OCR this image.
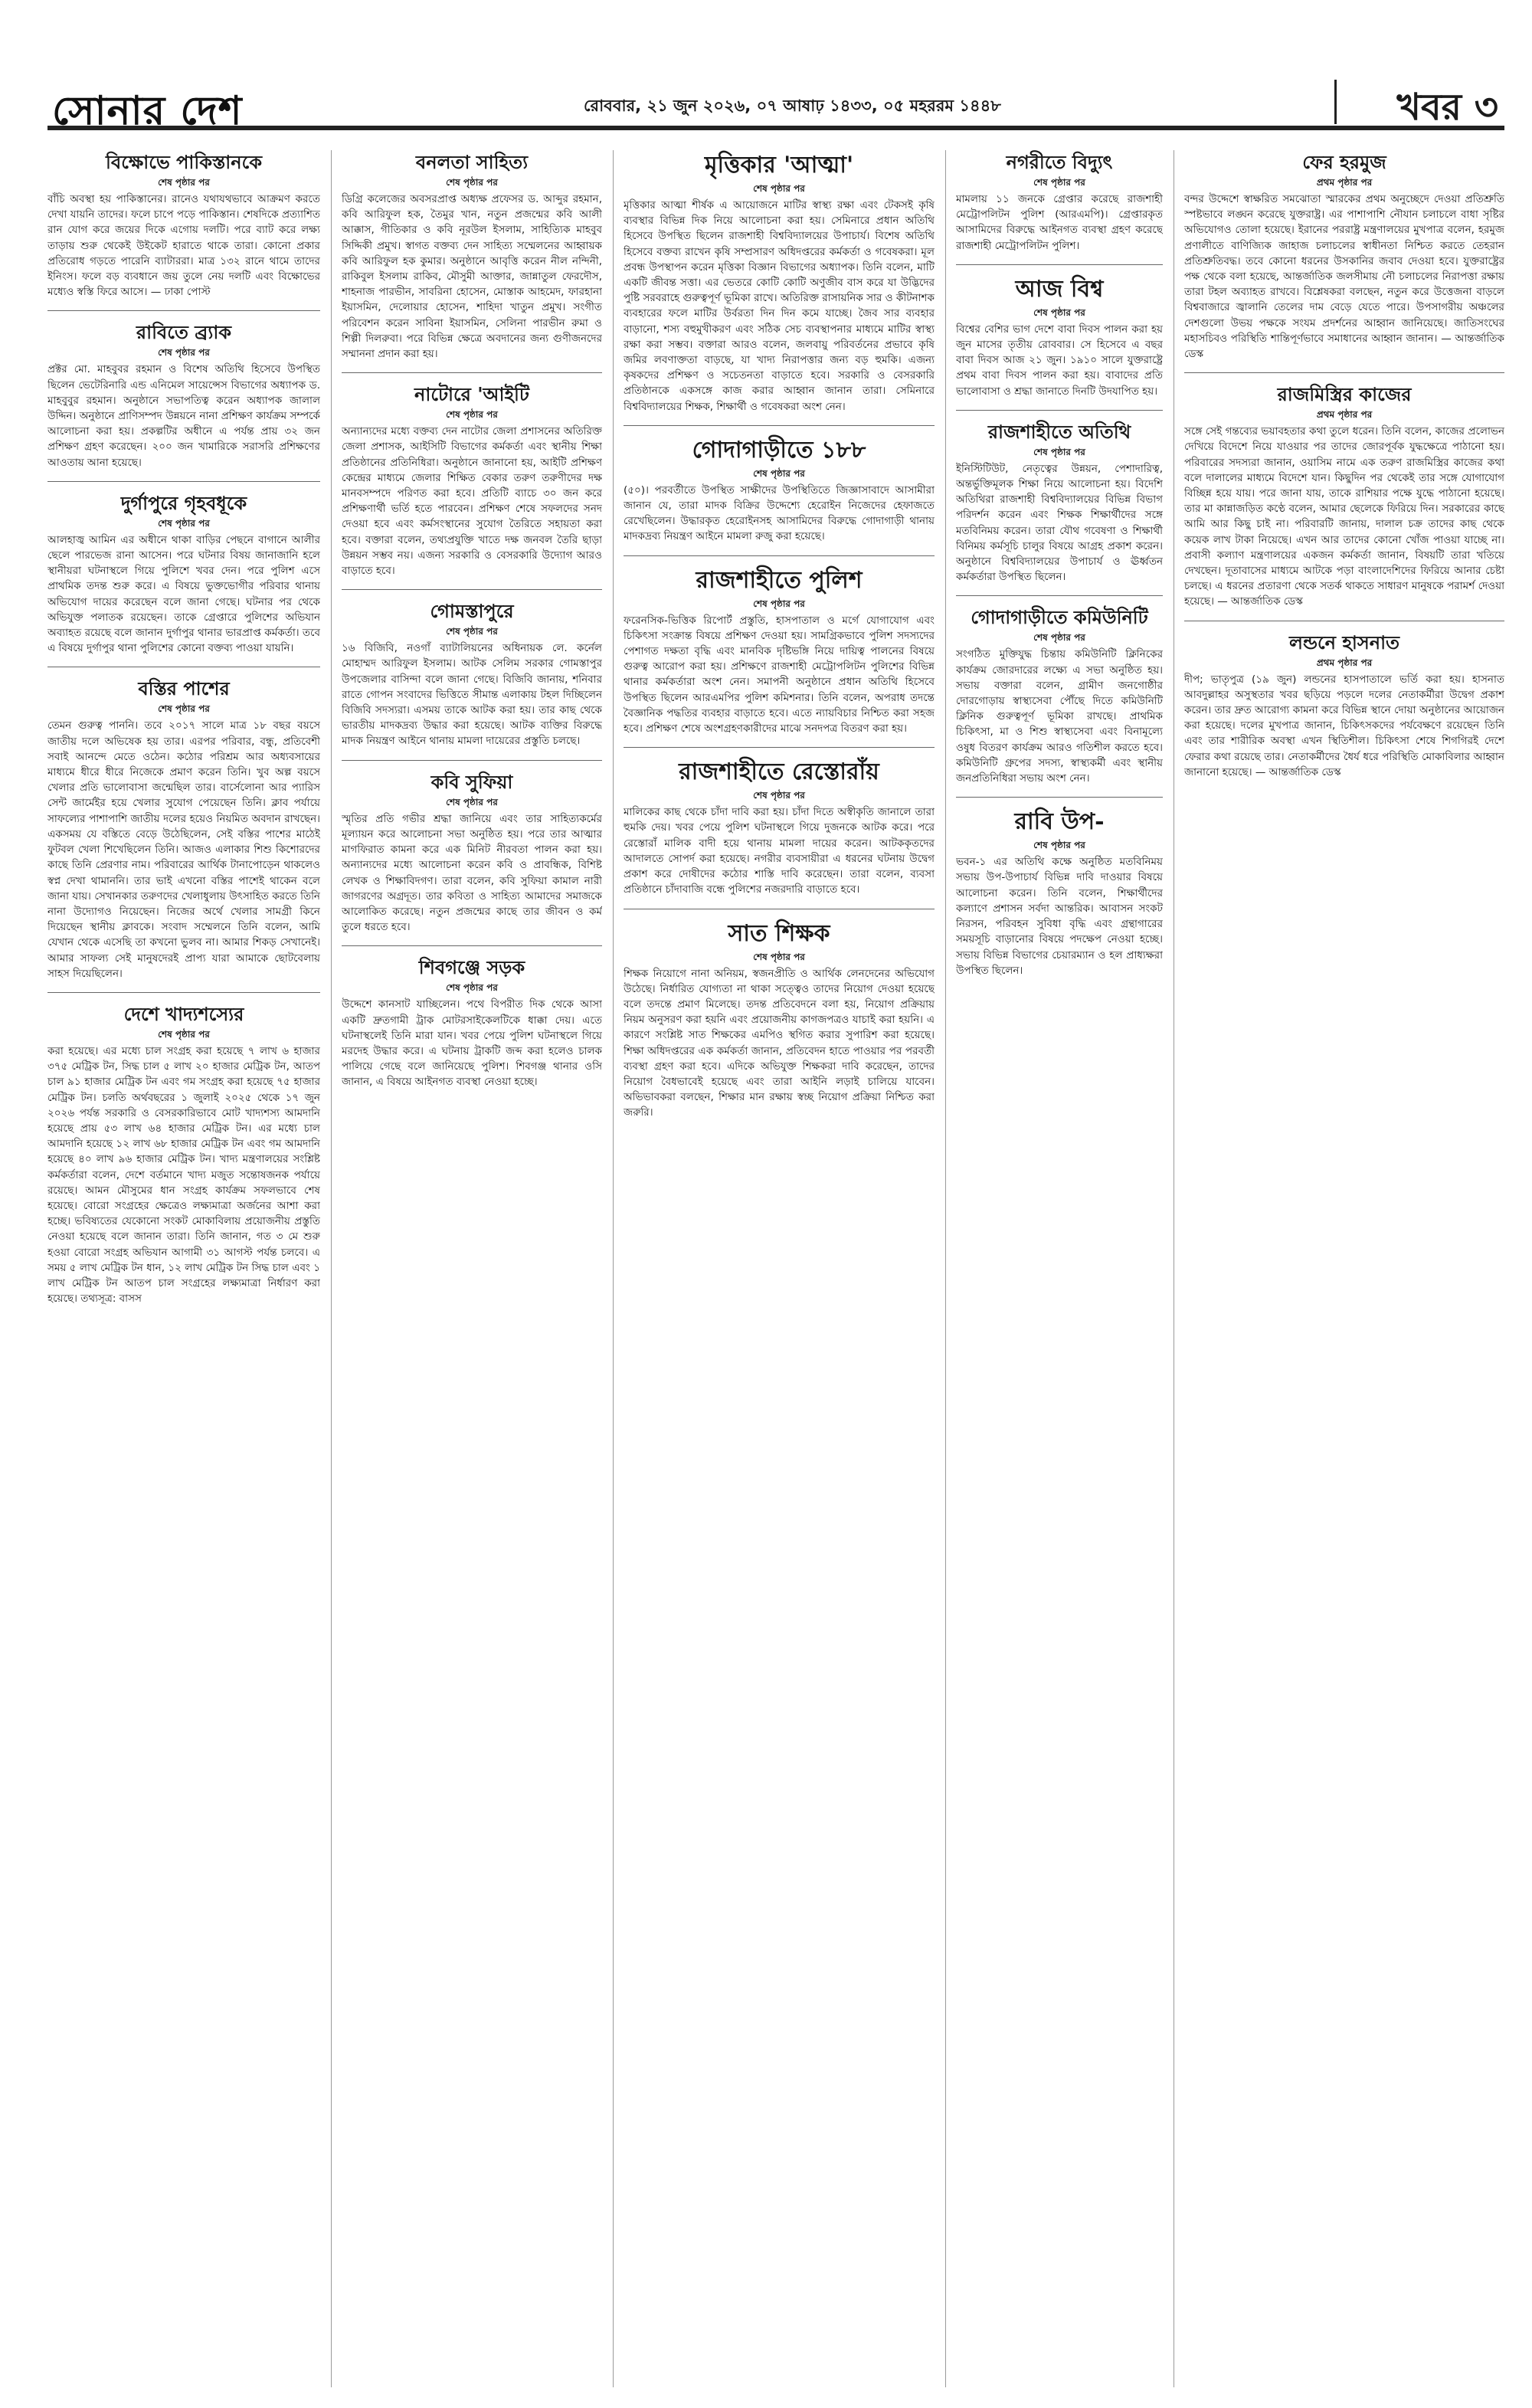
সোনার দেশ	রোববার, ২১ জুন ২০২৬, ০৭ আষাঢ় ১৪৩৩, ০৫ মহররম ১৪৪৮	খবর ৩
বিক্ষোভে পাকিস্তানকে
শেষ পৃষ্ঠার পর
বাঁচি অবস্থা হয় পাকিস্তানের। রানেও যথাযথভাবে আক্রমণ করতে দেখা যায়নি তাদের। ফলে চাপে পড়ে পাকিস্তান। শেষদিকে প্রত্যাশিত রান যোগ করে জয়ের দিকে এগোয় দলটি। পরে ব্যাট করে লক্ষ্য তাড়ায় শুরু থেকেই উইকেট হারাতে থাকে তারা। কোনো প্রকার প্রতিরোধ গড়তে পারেনি ব্যাটাররা। মাত্র ১৩২ রানে থামে তাদের ইনিংস। ফলে বড় ব্যবধানে জয় তুলে নেয় দলটি এবং বিক্ষোভের মধ্যেও স্বস্তি ফিরে আসে। — ঢাকা পোস্ট
রাবিতে ব্র্যাক
শেষ পৃষ্ঠার পর
প্রক্টর মো. মাহবুবর রহমান ও বিশেষ অতিথি হিসেবে উপস্থিত ছিলেন ভেটেরিনারি এন্ড এনিমেল সায়েন্সেস বিভাগের অধ্যাপক ড. মাহবুবুর রহমান। অনুষ্ঠানে সভাপতিত্ব করেন অধ্যাপক জালাল উদ্দিন। অনুষ্ঠানে প্রাণিসম্পদ উন্নয়নে নানা প্রশিক্ষণ কার্যক্রম সম্পর্কে আলোচনা করা হয়। প্রকল্পটির অধীনে এ পর্যন্ত প্রায় ৩২ জন প্রশিক্ষণ গ্রহণ করেছেন। ২০০ জন খামারিকে সরাসরি প্রশিক্ষণের আওতায় আনা হয়েছে।
দুর্গাপুরে গৃহবধূকে
শেষ পৃষ্ঠার পর
আলহাজ্ব আমিন এর অধীনে থাকা বাড়ির পেছনে বাগানে আলীর ছেলে পারভেজ রানা আসেন। পরে ঘটনার বিষয় জানাজানি হলে স্থানীয়রা ঘটনাস্থলে গিয়ে পুলিশে খবর দেন। পরে পুলিশ এসে প্রাথমিক তদন্ত শুরু করে। এ বিষয়ে ভুক্তভোগীর পরিবার থানায় অভিযোগ দায়ের করেছেন বলে জানা গেছে। ঘটনার পর থেকে অভিযুক্ত পলাতক রয়েছেন। তাকে গ্রেপ্তারে পুলিশের অভিযান অব্যাহত রয়েছে বলে জানান দুর্গাপুর থানার ভারপ্রাপ্ত কর্মকর্তা। তবে এ বিষয়ে দুর্গাপুর থানা পুলিশের কোনো বক্তব্য পাওয়া যায়নি।
বস্তির পাশের
শেষ পৃষ্ঠার পর
তেমন গুরুত্ব পাননি। তবে ২০১৭ সালে মাত্র ১৮ বছর বয়সে জাতীয় দলে অভিষেক হয় তার। এরপর পরিবার, বন্ধু, প্রতিবেশী সবাই আনন্দে মেতে ওঠেন। কঠোর পরিশ্রম আর অধ্যবসায়ের মাধ্যমে ধীরে ধীরে নিজেকে প্রমাণ করেন তিনি। খুব অল্প বয়সে খেলার প্রতি ভালোবাসা জন্মেছিল তার। বার্সেলোনা আর প্যারিস সেন্ট জার্মেইর হয়ে খেলার সুযোগ পেয়েছেন তিনি। ক্লাব পর্যায়ে সাফল্যের পাশাপাশি জাতীয় দলের হয়েও নিয়মিত অবদান রাখছেন। একসময় যে বস্তিতে বেড়ে উঠেছিলেন, সেই বস্তির পাশের মাঠেই ফুটবল খেলা শিখেছিলেন তিনি। আজও এলাকার শিশু কিশোরদের কাছে তিনি প্রেরণার নাম। পরিবারের আর্থিক টানাপোড়েন থাকলেও স্বপ্ন দেখা থামাননি। তার ভাই এখনো বস্তির পাশেই থাকেন বলে জানা যায়। সেখানকার তরুণদের খেলাধুলায় উৎসাহিত করতে তিনি নানা উদ্যোগও নিয়েছেন। নিজের অর্থে খেলার সামগ্রী কিনে দিয়েছেন স্থানীয় ক্লাবকে। সংবাদ সম্মেলনে তিনি বলেন, আমি যেখান থেকে এসেছি তা কখনো ভুলব না। আমার শিকড় সেখানেই। আমার সাফল্য সেই মানুষদেরই প্রাপ্য যারা আমাকে ছোটবেলায় সাহস দিয়েছিলেন।
দেশে খাদ্যশস্যের
শেষ পৃষ্ঠার পর
করা হয়েছে। এর মধ্যে চাল সংগ্রহ করা হয়েছে ৭ লাখ ৬ হাজার ৩৭৫ মেট্রিক টন, সিদ্ধ চাল ৫ লাখ ২০ হাজার মেট্রিক টন, আতপ চাল ৯১ হাজার মেট্রিক টন এবং গম সংগ্রহ করা হয়েছে ৭৫ হাজার মেট্রিক টন। চলতি অর্থবছরের ১ জুলাই ২০২৫ থেকে ১৭ জুন ২০২৬ পর্যন্ত সরকারি ও বেসরকারিভাবে মোট খাদ্যশস্য আমদানি হয়েছে প্রায় ৫৩ লাখ ৬৪ হাজার মেট্রিক টন। এর মধ্যে চাল আমদানি হয়েছে ১২ লাখ ৬৮ হাজার মেট্রিক টন এবং গম আমদানি হয়েছে ৪০ লাখ ৯৬ হাজার মেট্রিক টন। খাদ্য মন্ত্রণালয়ের সংশ্লিষ্ট কর্মকর্তারা বলেন, দেশে বর্তমানে খাদ্য মজুত সন্তোষজনক পর্যায়ে রয়েছে। আমন মৌসুমের ধান সংগ্রহ কার্যক্রম সফলভাবে শেষ হয়েছে। বোরো সংগ্রহের ক্ষেত্রেও লক্ষ্যমাত্রা অর্জনের আশা করা হচ্ছে। ভবিষ্যতের যেকোনো সংকট মোকাবিলায় প্রয়োজনীয় প্রস্তুতি নেওয়া হয়েছে বলে জানান তারা। তিনি জানান, গত ৩ মে শুরু হওয়া বোরো সংগ্রহ অভিযান আগামী ৩১ আগস্ট পর্যন্ত চলবে। এ সময় ৫ লাখ মেট্রিক টন ধান, ১২ লাখ মেট্রিক টন সিদ্ধ চাল এবং ১ লাখ মেট্রিক টন আতপ চাল সংগ্রহের লক্ষ্যমাত্রা নির্ধারণ করা হয়েছে। তথ্যসূত্র: বাসস
বনলতা সাহিত্য
শেষ পৃষ্ঠার পর
ডিগ্রি কলেজের অবসরপ্রাপ্ত অধ্যক্ষ প্রফেসর ড. আব্দুর রহমান, কবি আরিফুল হক, তৈমুর খান, নতুন প্রজন্মের কবি আলী আক্কাস, গীতিকার ও কবি নূরউল ইসলাম, সাহিত্যিক মাহবুব সিদ্দিকী প্রমুখ। স্বাগত বক্তব্য দেন সাহিত্য সম্মেলনের আহ্বায়ক কবি আরিফুল হক কুমার। অনুষ্ঠানে আবৃত্তি করেন নীল নন্দিনী, রাকিবুল ইসলাম রাকিব, মৌসুমী আক্তার, জান্নাতুল ফেরদৌস, শাহনাজ পারভীন, সাবরিনা হোসেন, মোস্তাক আহমেদ, ফারহানা ইয়াসমিন, দেলোয়ার হোসেন, শাহিদা খাতুন প্রমুখ। সংগীত পরিবেশন করেন সাবিনা ইয়াসমিন, সেলিনা পারভীন রুমা ও শিল্পী দিলরুবা। পরে বিভিন্ন ক্ষেত্রে অবদানের জন্য গুণীজনদের সম্মাননা প্রদান করা হয়।
নাটোরে 'আইটি
শেষ পৃষ্ঠার পর
অন্যান্যদের মধ্যে বক্তব্য দেন নাটোর জেলা প্রশাসনের অতিরিক্ত জেলা প্রশাসক, আইসিটি বিভাগের কর্মকর্তা এবং স্থানীয় শিক্ষা প্রতিষ্ঠানের প্রতিনিধিরা। অনুষ্ঠানে জানানো হয়, আইটি প্রশিক্ষণ কেন্দ্রের মাধ্যমে জেলার শিক্ষিত বেকার তরুণ তরুণীদের দক্ষ মানবসম্পদে পরিণত করা হবে। প্রতিটি ব্যাচে ৩০ জন করে প্রশিক্ষণার্থী ভর্তি হতে পারবেন। প্রশিক্ষণ শেষে সফলদের সনদ দেওয়া হবে এবং কর্মসংস্থানের সুযোগ তৈরিতে সহায়তা করা হবে। বক্তারা বলেন, তথ্যপ্রযুক্তি খাতে দক্ষ জনবল তৈরি ছাড়া উন্নয়ন সম্ভব নয়। এজন্য সরকারি ও বেসরকারি উদ্যোগ আরও বাড়াতে হবে।
গোমস্তাপুরে
শেষ পৃষ্ঠার পর
১৬ বিজিবি, নওগাঁ ব্যাটালিয়নের অধিনায়ক লে. কর্নেল মোহাম্মদ আরিফুল ইসলাম। আটক সেলিম সরকার গোমস্তাপুর উপজেলার বাসিন্দা বলে জানা গেছে। বিজিবি জানায়, শনিবার রাতে গোপন সংবাদের ভিত্তিতে সীমান্ত এলাকায় টহল দিচ্ছিলেন বিজিবি সদস্যরা। এসময় তাকে আটক করা হয়। তার কাছ থেকে ভারতীয় মাদকদ্রব্য উদ্ধার করা হয়েছে। আটক ব্যক্তির বিরুদ্ধে মাদক নিয়ন্ত্রণ আইনে থানায় মামলা দায়েরের প্রস্তুতি চলছে।
কবি সুফিয়া
শেষ পৃষ্ঠার পর
স্মৃতির প্রতি গভীর শ্রদ্ধা জানিয়ে এবং তার সাহিত্যকর্মের মূল্যায়ন করে আলোচনা সভা অনুষ্ঠিত হয়। পরে তার আত্মার মাগফিরাত কামনা করে এক মিনিট নীরবতা পালন করা হয়। অন্যান্যদের মধ্যে আলোচনা করেন কবি ও প্রাবন্ধিক, বিশিষ্ট লেখক ও শিক্ষাবিদগণ। তারা বলেন, কবি সুফিয়া কামাল নারী জাগরণের অগ্রদূত। তার কবিতা ও সাহিত্য আমাদের সমাজকে আলোকিত করেছে। নতুন প্রজন্মের কাছে তার জীবন ও কর্ম তুলে ধরতে হবে।
শিবগঞ্জে সড়ক
শেষ পৃষ্ঠার পর
উদ্দেশে কানসাট যাচ্ছিলেন। পথে বিপরীত দিক থেকে আসা একটি দ্রুতগামী ট্রাক মোটরসাইকেলটিকে ধাক্কা দেয়। এতে ঘটনাস্থলেই তিনি মারা যান। খবর পেয়ে পুলিশ ঘটনাস্থলে গিয়ে মরদেহ উদ্ধার করে। এ ঘটনায় ট্রাকটি জব্দ করা হলেও চালক পালিয়ে গেছে বলে জানিয়েছে পুলিশ। শিবগঞ্জ থানার ওসি জানান, এ বিষয়ে আইনগত ব্যবস্থা নেওয়া হচ্ছে।
মৃত্তিকার 'আত্মা'
শেষ পৃষ্ঠার পর
মৃত্তিকার আত্মা শীর্ষক এ আয়োজনে মাটির স্বাস্থ্য রক্ষা এবং টেকসই কৃষি ব্যবস্থার বিভিন্ন দিক নিয়ে আলোচনা করা হয়। সেমিনারে প্রধান অতিথি হিসেবে উপস্থিত ছিলেন রাজশাহী বিশ্ববিদ্যালয়ের উপাচার্য। বিশেষ অতিথি হিসেবে বক্তব্য রাখেন কৃষি সম্প্রসারণ অধিদপ্তরের কর্মকর্তা ও গবেষকরা। মূল প্রবন্ধ উপস্থাপন করেন মৃত্তিকা বিজ্ঞান বিভাগের অধ্যাপক। তিনি বলেন, মাটি একটি জীবন্ত সত্তা। এর ভেতরে কোটি কোটি অণুজীব বাস করে যা উদ্ভিদের পুষ্টি সরবরাহে গুরুত্বপূর্ণ ভূমিকা রাখে। অতিরিক্ত রাসায়নিক সার ও কীটনাশক ব্যবহারের ফলে মাটির উর্বরতা দিন দিন কমে যাচ্ছে। জৈব সার ব্যবহার বাড়ানো, শস্য বহুমুখীকরণ এবং সঠিক সেচ ব্যবস্থাপনার মাধ্যমে মাটির স্বাস্থ্য রক্ষা করা সম্ভব। বক্তারা আরও বলেন, জলবায়ু পরিবর্তনের প্রভাবে কৃষি জমির লবণাক্ততা বাড়ছে, যা খাদ্য নিরাপত্তার জন্য বড় হুমকি। এজন্য কৃষকদের প্রশিক্ষণ ও সচেতনতা বাড়াতে হবে। সরকারি ও বেসরকারি প্রতিষ্ঠানকে একসঙ্গে কাজ করার আহ্বান জানান তারা। সেমিনারে বিশ্ববিদ্যালয়ের শিক্ষক, শিক্ষার্থী ও গবেষকরা অংশ নেন।
গোদাগাড়ীতে ১৮৮
শেষ পৃষ্ঠার পর
(৫০)। পরবর্তীতে উপস্থিত সাক্ষীদের উপস্থিতিতে জিজ্ঞাসাবাদে আসামীরা জানান যে, তারা মাদক বিক্রির উদ্দেশ্যে হেরোইন নিজেদের হেফাজতে রেখেছিলেন। উদ্ধারকৃত হেরোইনসহ আসামিদের বিরুদ্ধে গোদাগাড়ী থানায় মাদকদ্রব্য নিয়ন্ত্রণ আইনে মামলা রুজু করা হয়েছে।
রাজশাহীতে পুলিশ
শেষ পৃষ্ঠার পর
ফরেনসিক-ভিত্তিক রিপোর্ট প্রস্তুতি, হাসপাতাল ও মর্গে যোগাযোগ এবং চিকিৎসা সংক্রান্ত বিষয়ে প্রশিক্ষণ দেওয়া হয়। সামগ্রিকভাবে পুলিশ সদস্যদের পেশাগত দক্ষতা বৃদ্ধি এবং মানবিক দৃষ্টিভঙ্গি নিয়ে দায়িত্ব পালনের বিষয়ে গুরুত্ব আরোপ করা হয়। প্রশিক্ষণে রাজশাহী মেট্রোপলিটন পুলিশের বিভিন্ন থানার কর্মকর্তারা অংশ নেন। সমাপনী অনুষ্ঠানে প্রধান অতিথি হিসেবে উপস্থিত ছিলেন আরএমপির পুলিশ কমিশনার। তিনি বলেন, অপরাধ তদন্তে বৈজ্ঞানিক পদ্ধতির ব্যবহার বাড়াতে হবে। এতে ন্যায়বিচার নিশ্চিত করা সহজ হবে। প্রশিক্ষণ শেষে অংশগ্রহণকারীদের মাঝে সনদপত্র বিতরণ করা হয়।
রাজশাহীতে রেস্তোরাঁয়
শেষ পৃষ্ঠার পর
মালিকের কাছ থেকে চাঁদা দাবি করা হয়। চাঁদা দিতে অস্বীকৃতি জানালে তারা হুমকি দেয়। খবর পেয়ে পুলিশ ঘটনাস্থলে গিয়ে দুজনকে আটক করে। পরে রেস্তোরাঁ মালিক বাদী হয়ে থানায় মামলা দায়ের করেন। আটককৃতদের আদালতে সোপর্দ করা হয়েছে। নগরীর ব্যবসায়ীরা এ ধরনের ঘটনায় উদ্বেগ প্রকাশ করে দোষীদের কঠোর শাস্তি দাবি করেছেন। তারা বলেন, ব্যবসা প্রতিষ্ঠানে চাঁদাবাজি বন্ধে পুলিশের নজরদারি বাড়াতে হবে।
সাত শিক্ষক
শেষ পৃষ্ঠার পর
শিক্ষক নিয়োগে নানা অনিয়ম, স্বজনপ্রীতি ও আর্থিক লেনদেনের অভিযোগ উঠেছে। নির্ধারিত যোগ্যতা না থাকা সত্ত্বেও তাদের নিয়োগ দেওয়া হয়েছে বলে তদন্তে প্রমাণ মিলেছে। তদন্ত প্রতিবেদনে বলা হয়, নিয়োগ প্রক্রিয়ায় নিয়ম অনুসরণ করা হয়নি এবং প্রয়োজনীয় কাগজপত্রও যাচাই করা হয়নি। এ কারণে সংশ্লিষ্ট সাত শিক্ষকের এমপিও স্থগিত করার সুপারিশ করা হয়েছে। শিক্ষা অধিদপ্তরের এক কর্মকর্তা জানান, প্রতিবেদন হাতে পাওয়ার পর পরবর্তী ব্যবস্থা গ্রহণ করা হবে। এদিকে অভিযুক্ত শিক্ষকরা দাবি করেছেন, তাদের নিয়োগ বৈধভাবেই হয়েছে এবং তারা আইনি লড়াই চালিয়ে যাবেন। অভিভাবকরা বলছেন, শিক্ষার মান রক্ষায় স্বচ্ছ নিয়োগ প্রক্রিয়া নিশ্চিত করা জরুরি।
নগরীতে বিদ্যুৎ
শেষ পৃষ্ঠার পর
মামলায় ১১ জনকে গ্রেপ্তার করেছে রাজশাহী মেট্রোপলিটন পুলিশ (আরএমপি)। গ্রেপ্তারকৃত আসামিদের বিরুদ্ধে আইনগত ব্যবস্থা গ্রহণ করেছে রাজশাহী মেট্রোপলিটন পুলিশ।
আজ বিশ্ব
শেষ পৃষ্ঠার পর
বিশ্বের বেশির ভাগ দেশে বাবা দিবস পালন করা হয় জুন মাসের তৃতীয় রোববার। সে হিসেবে এ বছর বাবা দিবস আজ ২১ জুন। ১৯১০ সালে যুক্তরাষ্ট্রে প্রথম বাবা দিবস পালন করা হয়। বাবাদের প্রতি ভালোবাসা ও শ্রদ্ধা জানাতে দিনটি উদযাপিত হয়।
রাজশাহীতে অতিথি
শেষ পৃষ্ঠার পর
ইনিস্টিটিউট, নেতৃত্বের উন্নয়ন, পেশাদারিত্ব, অন্তর্ভুক্তিমূলক শিক্ষা নিয়ে আলোচনা হয়। বিদেশি অতিথিরা রাজশাহী বিশ্ববিদ্যালয়ের বিভিন্ন বিভাগ পরিদর্শন করেন এবং শিক্ষক শিক্ষার্থীদের সঙ্গে মতবিনিময় করেন। তারা যৌথ গবেষণা ও শিক্ষার্থী বিনিময় কর্মসূচি চালুর বিষয়ে আগ্রহ প্রকাশ করেন। অনুষ্ঠানে বিশ্ববিদ্যালয়ের উপাচার্য ও ঊর্ধ্বতন কর্মকর্তারা উপস্থিত ছিলেন।
গোদাগাড়ীতে কমিউনিটি
শেষ পৃষ্ঠার পর
সংগঠিত মুক্তিযুদ্ধ চিন্তায় কমিউনিটি ক্লিনিকের কার্যক্রম জোরদারের লক্ষ্যে এ সভা অনুষ্ঠিত হয়। সভায় বক্তারা বলেন, গ্রামীণ জনগোষ্ঠীর দোরগোড়ায় স্বাস্থ্যসেবা পৌঁছে দিতে কমিউনিটি ক্লিনিক গুরুত্বপূর্ণ ভূমিকা রাখছে। প্রাথমিক চিকিৎসা, মা ও শিশু স্বাস্থ্যসেবা এবং বিনামূল্যে ওষুধ বিতরণ কার্যক্রম আরও গতিশীল করতে হবে। কমিউনিটি গ্রুপের সদস্য, স্বাস্থ্যকর্মী এবং স্থানীয় জনপ্রতিনিধিরা সভায় অংশ নেন।
রাবি উপ-
শেষ পৃষ্ঠার পর
ভবন-১ এর অতিথি কক্ষে অনুষ্ঠিত মতবিনিময় সভায় উপ-উপাচার্য বিভিন্ন দাবি দাওয়ার বিষয়ে আলোচনা করেন। তিনি বলেন, শিক্ষার্থীদের কল্যাণে প্রশাসন সর্বদা আন্তরিক। আবাসন সংকট নিরসন, পরিবহন সুবিধা বৃদ্ধি এবং গ্রন্থাগারের সময়সূচি বাড়ানোর বিষয়ে পদক্ষেপ নেওয়া হচ্ছে। সভায় বিভিন্ন বিভাগের চেয়ারম্যান ও হল প্রাধ্যক্ষরা উপস্থিত ছিলেন।
ফের হরমুজ
প্রথম পৃষ্ঠার পর
বন্দর উদ্দেশে স্বাক্ষরিত সমঝোতা স্মারকের প্রথম অনুচ্ছেদে দেওয়া প্রতিশ্রুতি স্পষ্টভাবে লঙ্ঘন করেছে যুক্তরাষ্ট্র। এর পাশাপাশি নৌযান চলাচলে বাধা সৃষ্টির অভিযোগও তোলা হয়েছে। ইরানের পররাষ্ট্র মন্ত্রণালয়ের মুখপাত্র বলেন, হরমুজ প্রণালীতে বাণিজ্যিক জাহাজ চলাচলের স্বাধীনতা নিশ্চিত করতে তেহরান প্রতিশ্রুতিবদ্ধ। তবে কোনো ধরনের উসকানির জবাব দেওয়া হবে। যুক্তরাষ্ট্রের পক্ষ থেকে বলা হয়েছে, আন্তর্জাতিক জলসীমায় নৌ চলাচলের নিরাপত্তা রক্ষায় তারা টহল অব্যাহত রাখবে। বিশ্লেষকরা বলছেন, নতুন করে উত্তেজনা বাড়লে বিশ্ববাজারে জ্বালানি তেলের দাম বেড়ে যেতে পারে। উপসাগরীয় অঞ্চলের দেশগুলো উভয় পক্ষকে সংযম প্রদর্শনের আহ্বান জানিয়েছে। জাতিসংঘের মহাসচিবও পরিস্থিতি শান্তিপূর্ণভাবে সমাধানের আহ্বান জানান। — আন্তর্জাতিক ডেস্ক
রাজমিস্ত্রির কাজের
প্রথম পৃষ্ঠার পর
সঙ্গে সেই গন্তব্যের ভয়াবহতার কথা তুলে ধরেন। তিনি বলেন, কাজের প্রলোভন দেখিয়ে বিদেশে নিয়ে যাওয়ার পর তাদের জোরপূর্বক যুদ্ধক্ষেত্রে পাঠানো হয়। পরিবারের সদস্যরা জানান, ওয়াসিম নামে এক তরুণ রাজমিস্ত্রির কাজের কথা বলে দালালের মাধ্যমে বিদেশে যান। কিছুদিন পর থেকেই তার সঙ্গে যোগাযোগ বিচ্ছিন্ন হয়ে যায়। পরে জানা যায়, তাকে রাশিয়ার পক্ষে যুদ্ধে পাঠানো হয়েছে। তার মা কান্নাজড়িত কণ্ঠে বলেন, আমার ছেলেকে ফিরিয়ে দিন। সরকারের কাছে আমি আর কিছু চাই না। পরিবারটি জানায়, দালাল চক্র তাদের কাছ থেকে কয়েক লাখ টাকা নিয়েছে। এখন আর তাদের কোনো খোঁজ পাওয়া যাচ্ছে না। প্রবাসী কল্যাণ মন্ত্রণালয়ের একজন কর্মকর্তা জানান, বিষয়টি তারা খতিয়ে দেখছেন। দূতাবাসের মাধ্যমে আটকে পড়া বাংলাদেশিদের ফিরিয়ে আনার চেষ্টা চলছে। এ ধরনের প্রতারণা থেকে সতর্ক থাকতে সাধারণ মানুষকে পরামর্শ দেওয়া হয়েছে। — আন্তর্জাতিক ডেস্ক
লন্ডনে হাসনাত
প্রথম পৃষ্ঠার পর
দীপ; ভাতৃপুত্র (১৯ জুন) লন্ডনের হাসপাতালে ভর্তি করা হয়। হাসনাত আবদুল্লাহর অসুস্থতার খবর ছড়িয়ে পড়লে দলের নেতাকর্মীরা উদ্বেগ প্রকাশ করেন। তার দ্রুত আরোগ্য কামনা করে বিভিন্ন স্থানে দোয়া অনুষ্ঠানের আয়োজন করা হয়েছে। দলের মুখপাত্র জানান, চিকিৎসকদের পর্যবেক্ষণে রয়েছেন তিনি এবং তার শারীরিক অবস্থা এখন স্থিতিশীল। চিকিৎসা শেষে শিগগিরই দেশে ফেরার কথা রয়েছে তার। নেতাকর্মীদের ধৈর্য ধরে পরিস্থিতি মোকাবিলার আহ্বান জানানো হয়েছে। — আন্তর্জাতিক ডেস্ক
